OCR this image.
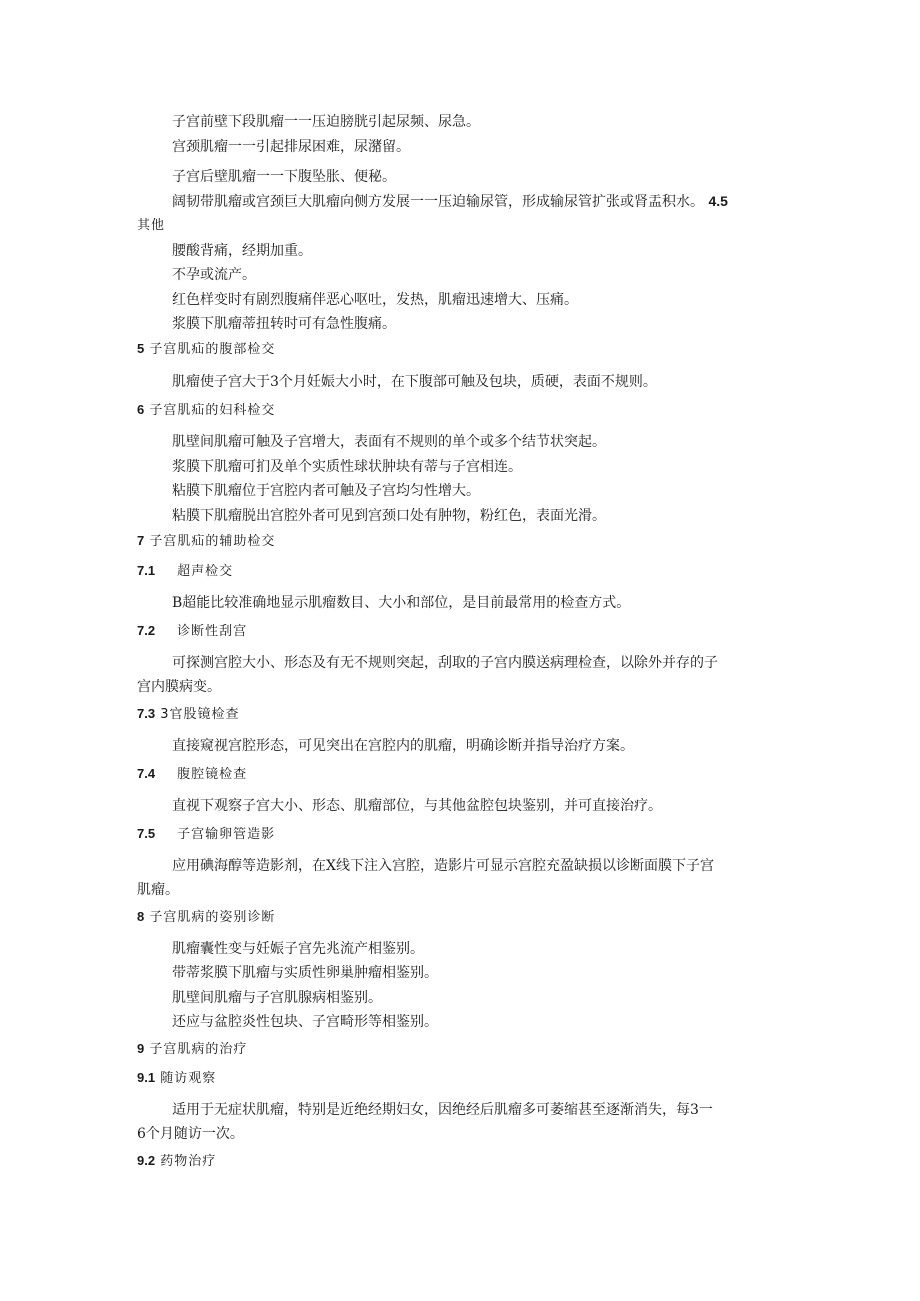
子宫前壁下段肌瘤一一压迫膀胱引起尿频、尿急。
宫颈肌瘤一一引起排尿困难，尿潴留。
子宫后壁肌瘤一一下腹坠胀、便秘。
阔韧带肌瘤或宫颈巨大肌瘤向侧方发展一一压迫输尿管，形成输尿管扩张或肾盂积水。 4.5
其他
腰酸背痛，经期加重。
不孕或流产。
红色样变时有剧烈腹痛伴恶心呕吐，发热，肌瘤迅速增大、压痛。
浆膜下肌瘤蒂扭转时可有急性腹痛。
5 子宫肌疝的腹部检交
肌瘤使子宫大于3个月妊娠大小时，在下腹部可触及包块，质硬，表面不规则。
6 子宫肌疝的妇科检交
肌壁间肌瘤可触及子宫增大，表面有不规则的单个或多个结节状突起。
浆膜下肌瘤可扪及单个实质性球状肿块有蒂与子宫相连。
粘膜下肌瘤位于宫腔内者可触及子宫均匀性增大。
粘膜下肌瘤脱出宫腔外者可见到宫颈口处有肿物，粉红色，表面光滑。
7 子宫肌疝的辅助检交
7.1 超声检交
B超能比较准确地显示肌瘤数目、大小和部位，是目前最常用的检查方式。
7.2 诊断性刮宫
可探测宫腔大小、形态及有无不规则突起，刮取的子宫内膜送病理检查，以除外并存的子
宫内膜病变。
7.3 3官股镜检查
直接窥视宫腔形态，可见突出在宫腔内的肌瘤，明确诊断并指导治疗方案。
7.4 腹腔镜检查
直视下观察子宫大小、形态、肌瘤部位，与其他盆腔包块鉴别，并可直接治疗。
7.5 子宫输卵管造影
应用碘海醇等造影剂，在X线下注入宫腔，造影片可显示宫腔充盈缺损以诊断面膜下子宫
肌瘤。
8 子宫肌病的姿别诊断
肌瘤囊性变与妊娠子宫先兆流产相鉴别。
带蒂浆膜下肌瘤与实质性卵巢肿瘤相鉴别。
肌壁间肌瘤与子宫肌腺病相鉴别。
还应与盆腔炎性包块、子宫畸形等相鉴别。
9 子宫肌病的治疗
9.1 随访观察
适用于无症状肌瘤，特别是近绝经期妇女，因绝经后肌瘤多可萎缩甚至逐渐消失，每3一
6个月随访一次。
9.2 药物治疗
